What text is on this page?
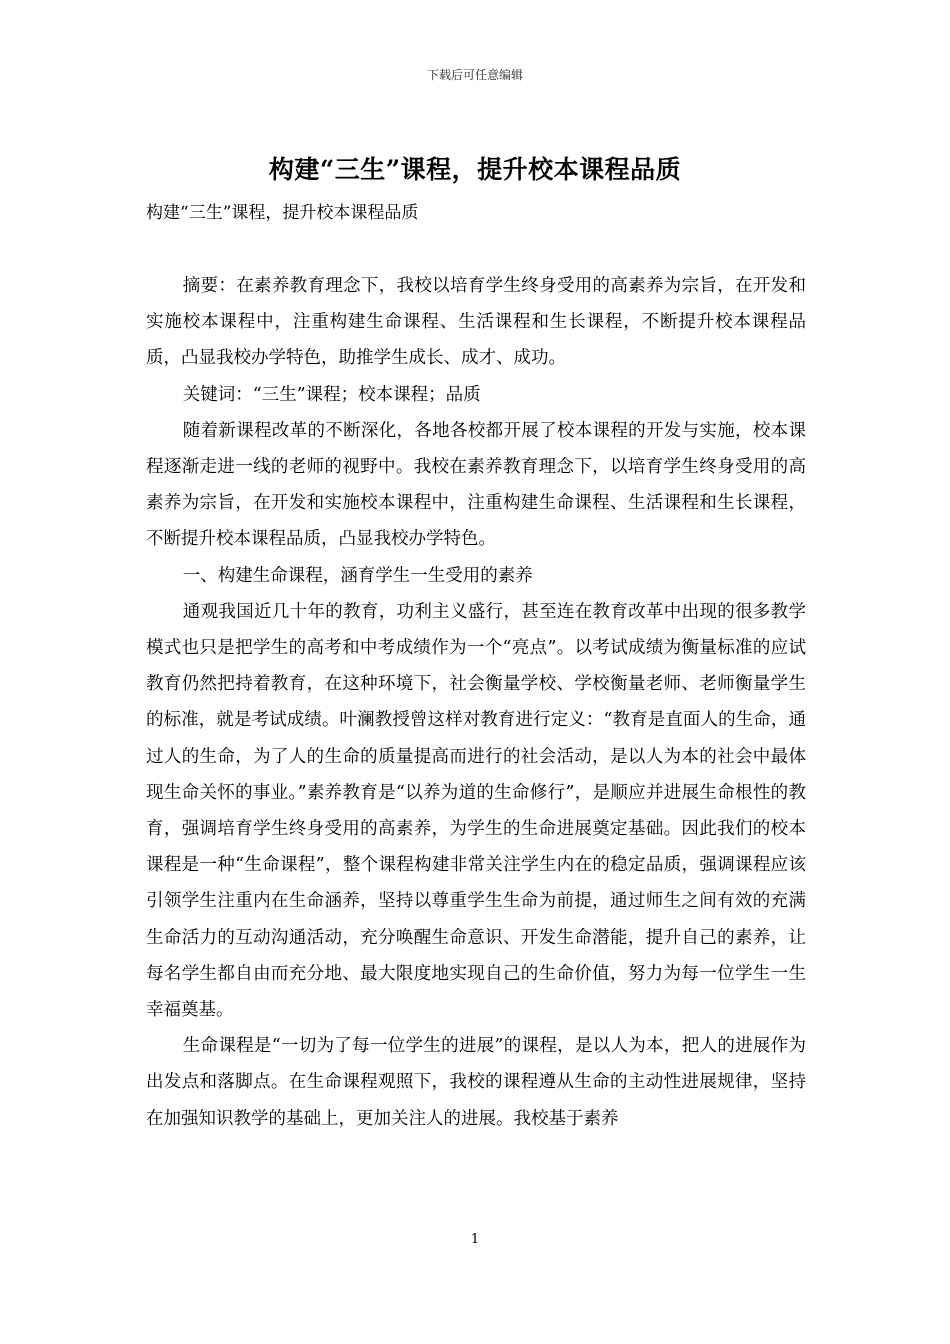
下载后可任意编辑
构建“三生”课程，提升校本课程品质
构建“三生”课程，提升校本课程品质

摘要：在素养教育理念下，我校以培育学生终身受用的高素养为宗旨，在开发和实施校本课程中，注重构建生命课程、生活课程和生长课程，不断提升校本课程品质，凸显我校办学特色，助推学生成长、成才、成功。

关键词：“三生”课程；校本课程；品质

随着新课程改革的不断深化，各地各校都开展了校本课程的开发与实施，校本课程逐渐走进一线的老师的视野中。我校在素养教育理念下，以培育学生终身受用的高素养为宗旨，在开发和实施校本课程中，注重构建生命课程、生活课程和生长课程，不断提升校本课程品质，凸显我校办学特色。

一、构建生命课程，涵育学生一生受用的素养

通观我国近几十年的教育，功利主义盛行，甚至连在教育改革中出现的很多教学模式也只是把学生的高考和中考成绩作为一个“亮点”。以考试成绩为衡量标准的应试教育仍然把持着教育，在这种环境下，社会衡量学校、学校衡量老师、老师衡量学生的标准，就是考试成绩。叶澜教授曾这样对教育进行定义：“教育是直面人的生命，通过人的生命，为了人的生命的质量提高而进行的社会活动，是以人为本的社会中最体现生命关怀的事业。”素养教育是“以养为道的生命修行”，是顺应并进展生命根性的教育，强调培育学生终身受用的高素养，为学生的生命进展奠定基础。因此我们的校本课程是一种“生命课程”，整个课程构建非常关注学生内在的稳定品质，强调课程应该引领学生注重内在生命涵养，坚持以尊重学生生命为前提，通过师生之间有效的充满生命活力的互动沟通活动，充分唤醒生命意识、开发生命潜能，提升自己的素养，让每名学生都自由而充分地、最大限度地实现自己的生命价值，努力为每一位学生一生幸福奠基。

生命课程是“一切为了每一位学生的进展”的课程，是以人为本，把人的进展作为出发点和落脚点。在生命课程观照下，我校的课程遵从生命的主动性进展规律，坚持在加强知识教学的基础上，更加关注人的进展。我校基于素养

1
